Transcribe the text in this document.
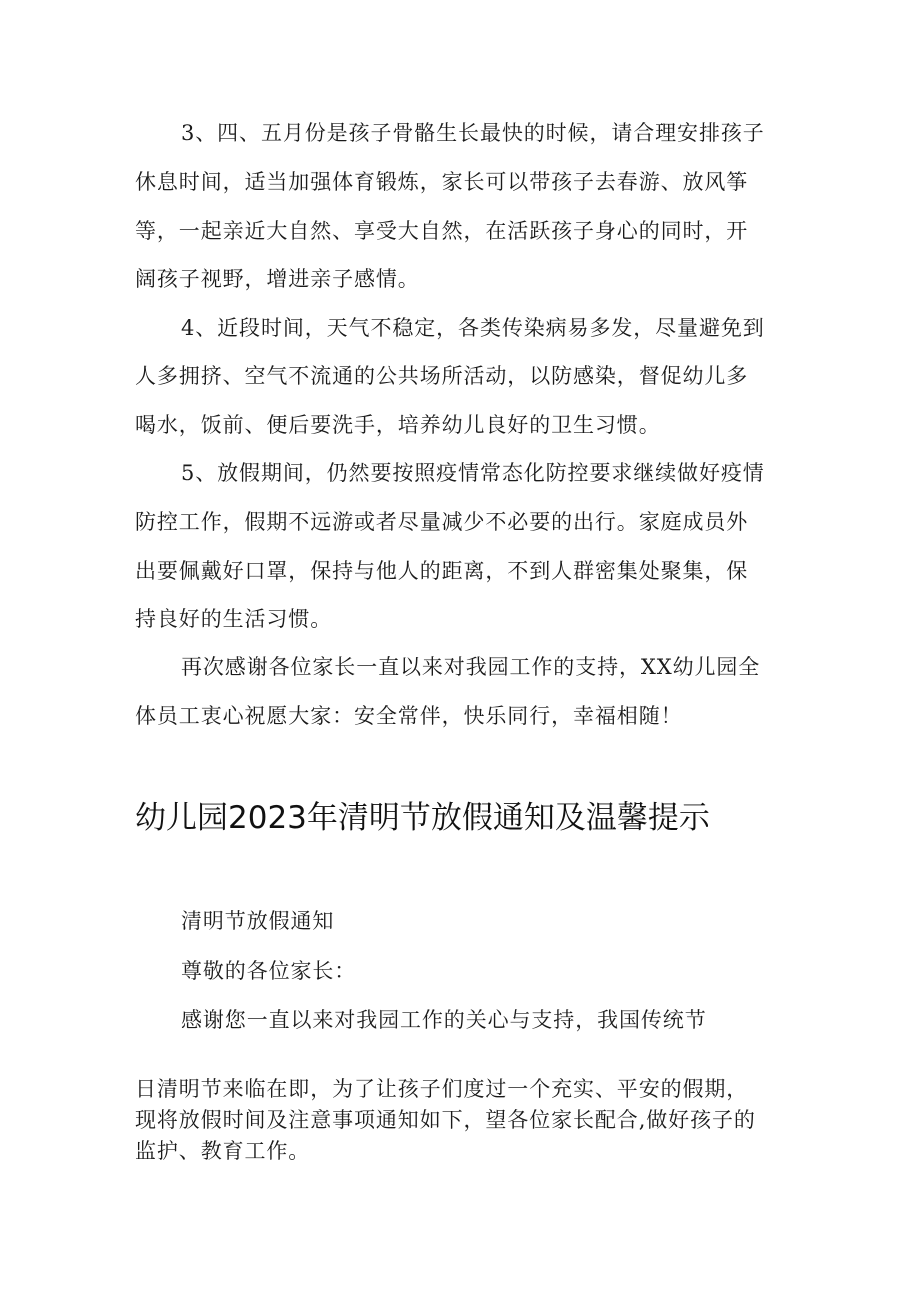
3、四、五月份是孩子骨骼生长最快的时候，请合理安排孩子
休息时间，适当加强体育锻炼，家长可以带孩子去春游、放风筝
等，一起亲近大自然、享受大自然，在活跃孩子身心的同时，开
阔孩子视野，增进亲子感情。
4、近段时间，天气不稳定，各类传染病易多发，尽量避免到
人多拥挤、空气不流通的公共场所活动，以防感染，督促幼儿多
喝水，饭前、便后要洗手，培养幼儿良好的卫生习惯。
5、放假期间，仍然要按照疫情常态化防控要求继续做好疫情
防控工作，假期不远游或者尽量减少不必要的出行。家庭成员外
出要佩戴好口罩，保持与他人的距离，不到人群密集处聚集，保
持良好的生活习惯。
再次感谢各位家长一直以来对我园工作的支持，XX幼儿园全
体员工衷心祝愿大家：安全常伴，快乐同行，幸福相随！
幼儿园2023年清明节放假通知及温馨提示
清明节放假通知
尊敬的各位家长：
感谢您一直以来对我园工作的关心与支持，我国传统节
日清明节来临在即，为了让孩子们度过一个充实、平安的假期，
现将放假时间及注意事项通知如下，望各位家长配合,做好孩子的
监护、教育工作。
